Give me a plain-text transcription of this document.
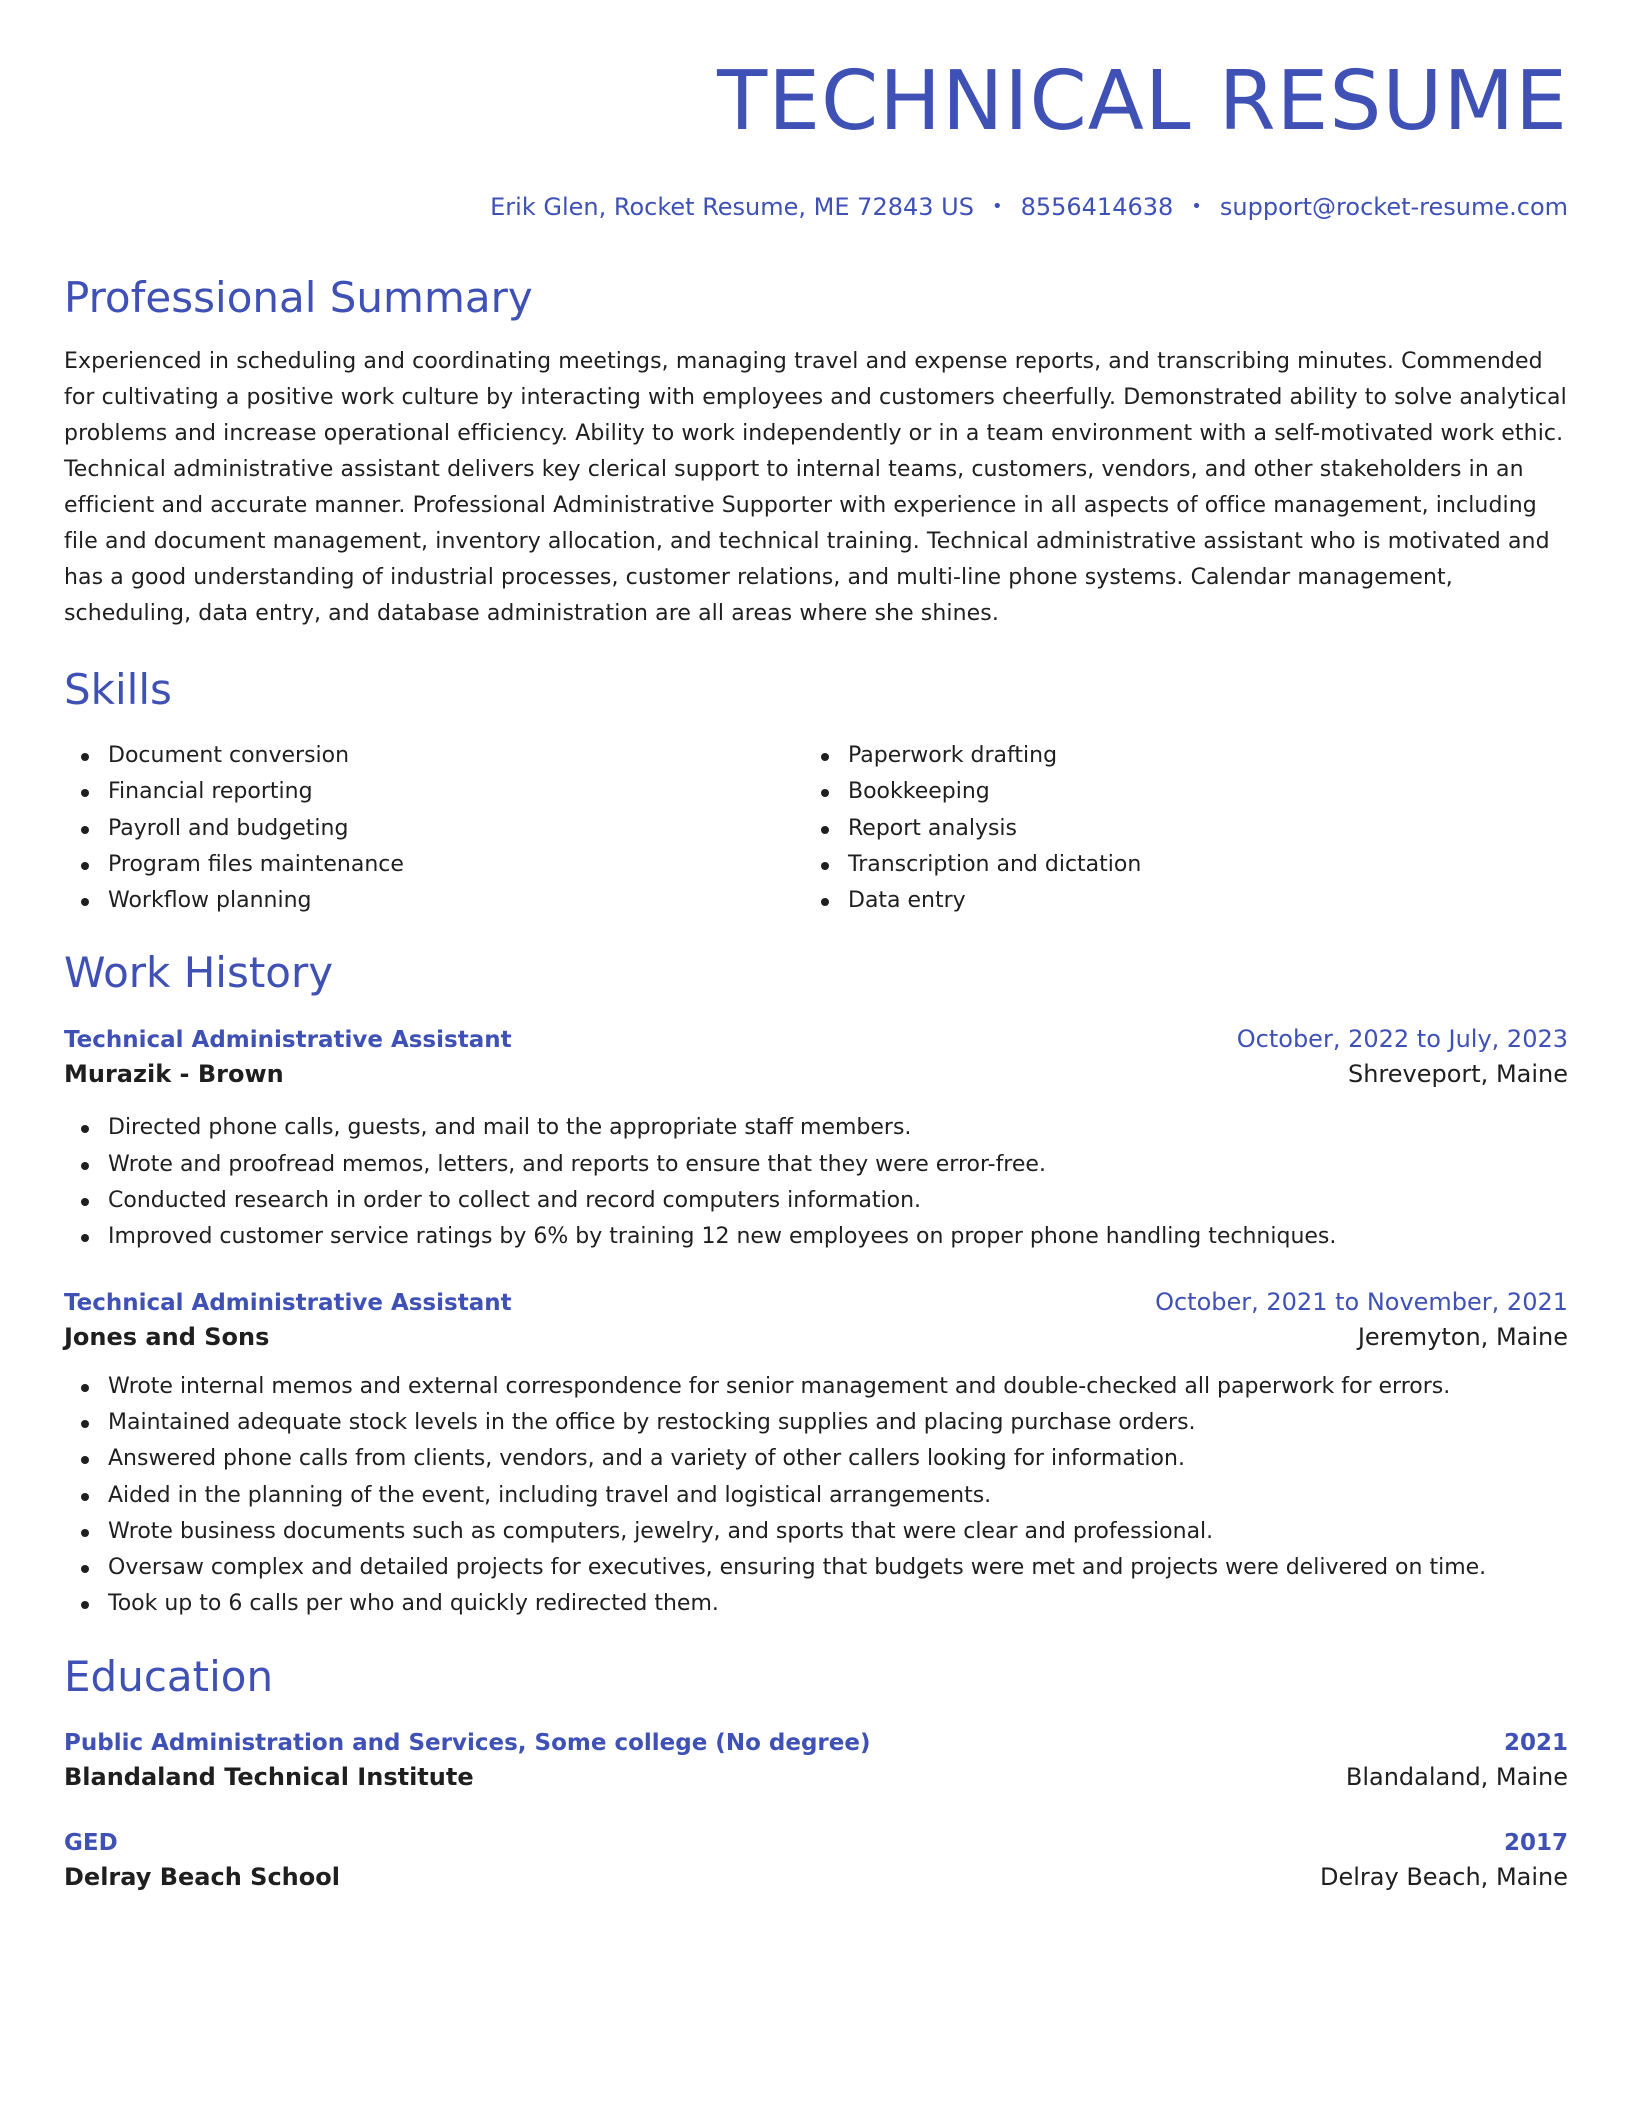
TECHNICAL RESUME
Erik Glen, Rocket Resume, ME 72843 US • 8556414638 • support@rocket-resume.com
Professional Summary

Experienced in scheduling and coordinating meetings, managing travel and expense reports, and transcribing minutes. Commended for cultivating a positive work culture by interacting with employees and customers cheerfully. Demonstrated ability to solve analytical problems and increase operational efficiency. Ability to work independently or in a team environment with a self-motivated work ethic. Technical administrative assistant delivers key clerical support to internal teams, customers, vendors, and other stakeholders in an efficient and accurate manner. Professional Administrative Supporter with experience in all aspects of office management, including file and document management, inventory allocation, and technical training. Technical administrative assistant who is motivated and has a good understanding of industrial processes, customer relations, and multi-line phone systems. Calendar management, scheduling, data entry, and database administration are all areas where she shines.

Skills
Document conversion
Financial reporting
Payroll and budgeting
Program files maintenance
Workflow planning
Paperwork drafting
Bookkeeping
Report analysis
Transcription and dictation
Data entry
Work History
Technical Administrative Assistant	October, 2022 to July, 2023
Murazik - Brown	Shreveport, Maine
Directed phone calls, guests, and mail to the appropriate staff members.
Wrote and proofread memos, letters, and reports to ensure that they were error-free.
Conducted research in order to collect and record computers information.
Improved customer service ratings by 6% by training 12 new employees on proper phone handling techniques.
Technical Administrative Assistant	October, 2021 to November, 2021
Jones and Sons	Jeremyton, Maine
Wrote internal memos and external correspondence for senior management and double-checked all paperwork for errors.
Maintained adequate stock levels in the office by restocking supplies and placing purchase orders.
Answered phone calls from clients, vendors, and a variety of other callers looking for information.
Aided in the planning of the event, including travel and logistical arrangements.
Wrote business documents such as computers, jewelry, and sports that were clear and professional.
Oversaw complex and detailed projects for executives, ensuring that budgets were met and projects were delivered on time.
Took up to 6 calls per who and quickly redirected them.
Education
Public Administration and Services, Some college (No degree)	2021
Blandaland Technical Institute	Blandaland, Maine
GED	2017
Delray Beach School	Delray Beach, Maine
